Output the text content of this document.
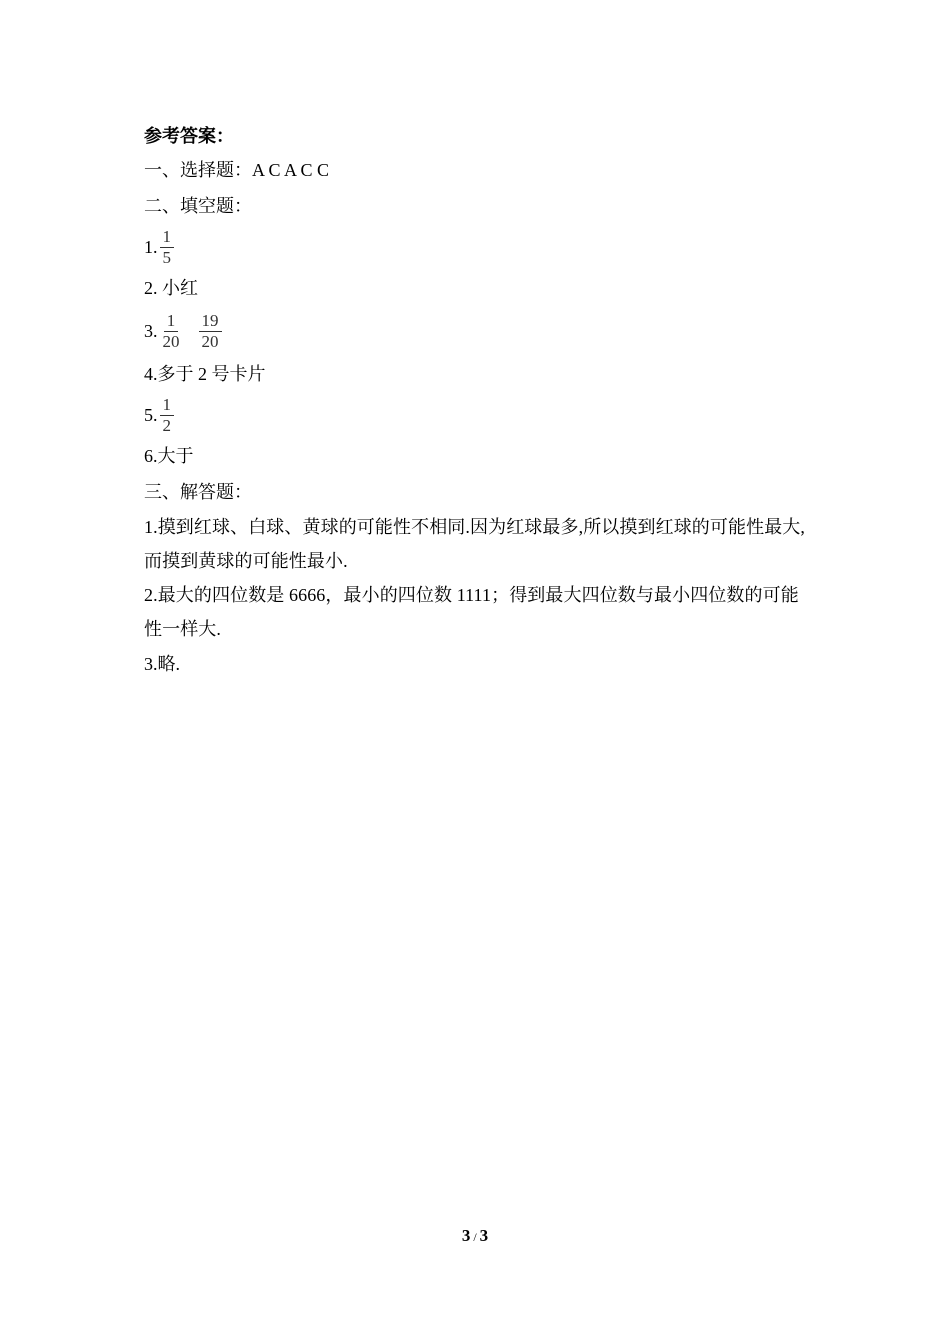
参考答案：
一、选择题：A C A C C
二、填空题：
1. $\frac{1}{5}$
2. 小红
3. $\frac{1}{20} \frac{19}{20}$
4.多于 2 号卡片
5. $\frac{1}{2}$
6.大于
三、解答题：
1.摸到红球、白球、黄球的可能性不相同.因为红球最多,所以摸到红球的可能性最大,而摸到黄球的可能性最小.
2.最大的四位数是 6666，最小的四位数 1111；得到最大四位数与最小四位数的可能性一样大.
3.略.
3 / 3
